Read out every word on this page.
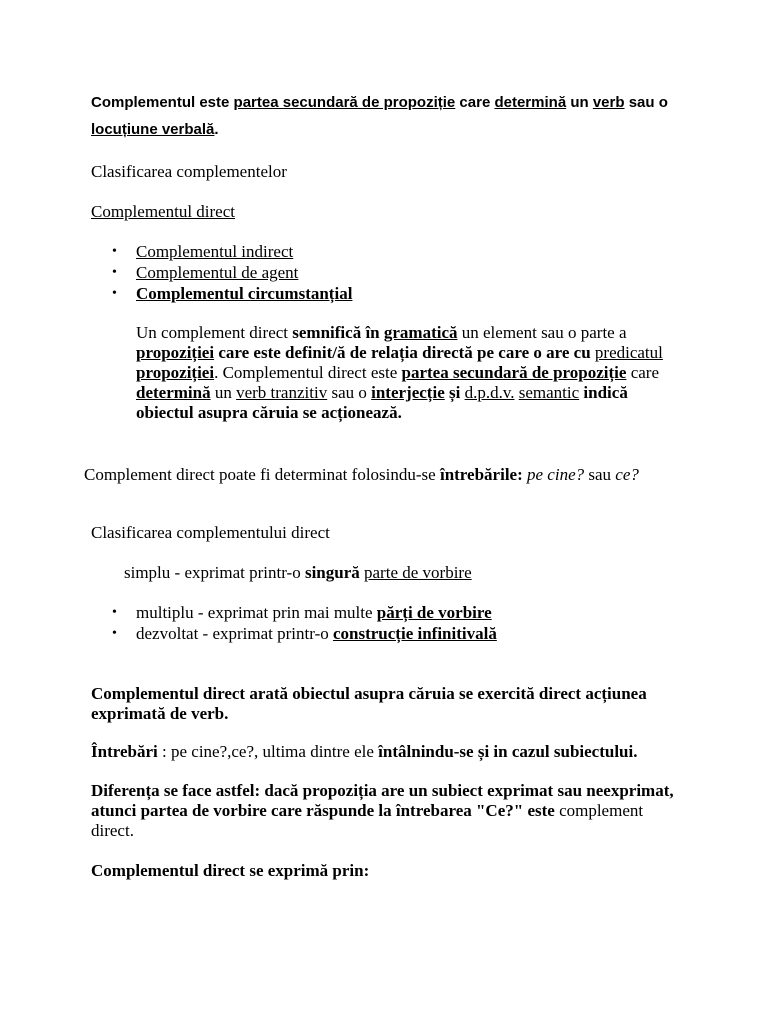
Complementul este partea secundară de propoziție care determină un verb sau o locuțiune verbală.

Clasificarea complementelor

Complementul direct

• Complementul indirect
• Complementul de agent
• Complementul circumstanțial

Un complement direct semnifică în gramatică un element sau o parte a propoziției care este definit/ă de relația directă pe care o are cu predicatul propoziției. Complementul direct este partea secundară de propoziție care determină un verb tranzitiv sau o interjecție și d.p.d.v. semantic indică obiectul asupra căruia se acționează.

Complement direct poate fi determinat folosindu-se întrebările: pe cine? sau ce?

Clasificarea complementului direct

simplu - exprimat printr-o singură parte de vorbire

• multiplu - exprimat prin mai multe părți de vorbire
• dezvoltat - exprimat printr-o construcție infinitivală

Complementul direct arată obiectul asupra căruia se exercită direct acțiunea exprimată de verb.

Întrebări : pe cine?,ce?, ultima dintre ele întâlnindu-se și in cazul subiectului.

Diferența se face astfel: dacă propoziția are un subiect exprimat sau neexprimat, atunci partea de vorbire care răspunde la întrebarea "Ce?" este complement direct.

Complementul direct se exprimă prin:
